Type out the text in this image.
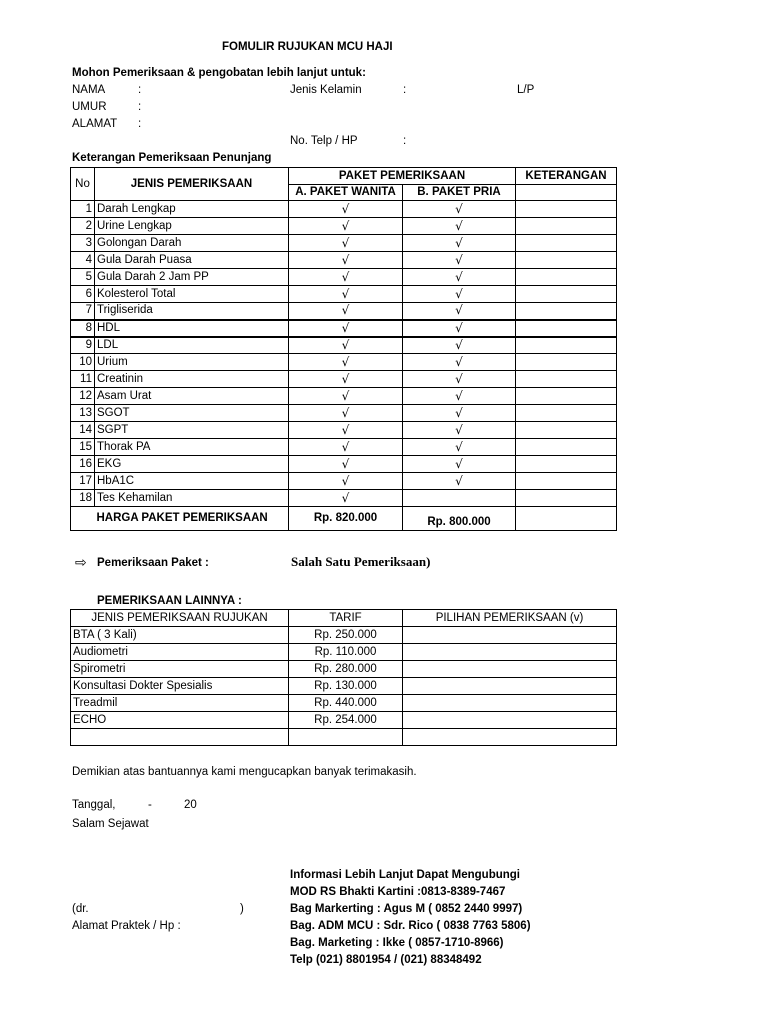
FOMULIR RUJUKAN MCU HAJI
Mohon Pemeriksaan & pengobatan lebih lanjut untuk:
NAMA	:	Jenis Kelamin	:	L/P
UMUR	:
ALAMAT :
No. Telp / HP	:
Keterangan Pemeriksaan Penunjang
No	JENIS PEMERIKSAAN	PAKET PEMERIKSAAN		KETERANGAN
		A. PAKET WANITA	B. PAKET PRIA	
1	Darah Lengkap	√	√	
2	Urine Lengkap	√	√	
3	Golongan Darah	√	√	
4	Gula Darah Puasa	√	√	
5	Gula Darah 2 Jam PP	√	√	
6	Kolesterol Total	√	√	
7	Trigliserida	√	√	
8	HDL	√	√	
9	LDL	√	√	
10	Urium	√	√	
11	Creatinin	√	√	
12	Asam Urat	√	√	
13	SGOT	√	√	
14	SGPT	√	√	
15	Thorak PA	√	√	
16	EKG	√	√	
17	HbA1C	√	√	
18	Tes Kehamilan	√		
	HARGA PAKET PEMERIKSAAN	Rp. 820.000	Rp. 800.000	
⇨ Pemeriksaan Paket :	Salah Satu Pemeriksaan)
PEMERIKSAAN LAINNYA :
JENIS PEMERIKSAAN RUJUKAN	TARIF	PILIHAN PEMERIKSAAN (v)
BTA ( 3 Kali)	Rp. 250.000	
Audiometri	Rp. 110.000	
Spirometri	Rp. 280.000	
Konsultasi Dokter Spesialis	Rp. 130.000	
Treadmil	Rp. 440.000	
ECHO	Rp. 254.000	

Demikian atas bantuannya kami mengucapkan banyak terimakasih.
Tanggal,	-	20
Salam Sejawat
(dr.	)
Alamat Praktek / Hp :
Informasi Lebih Lanjut Dapat Mengubungi
MOD RS Bhakti Kartini :0813-8389-7467
Bag Markerting : Agus M ( 0852 2440 9997)
Bag. ADM MCU : Sdr. Rico ( 0838 7763 5806)
Bag. Marketing : Ikke ( 0857-1710-8966)
Telp (021) 8801954 / (021) 88348492
